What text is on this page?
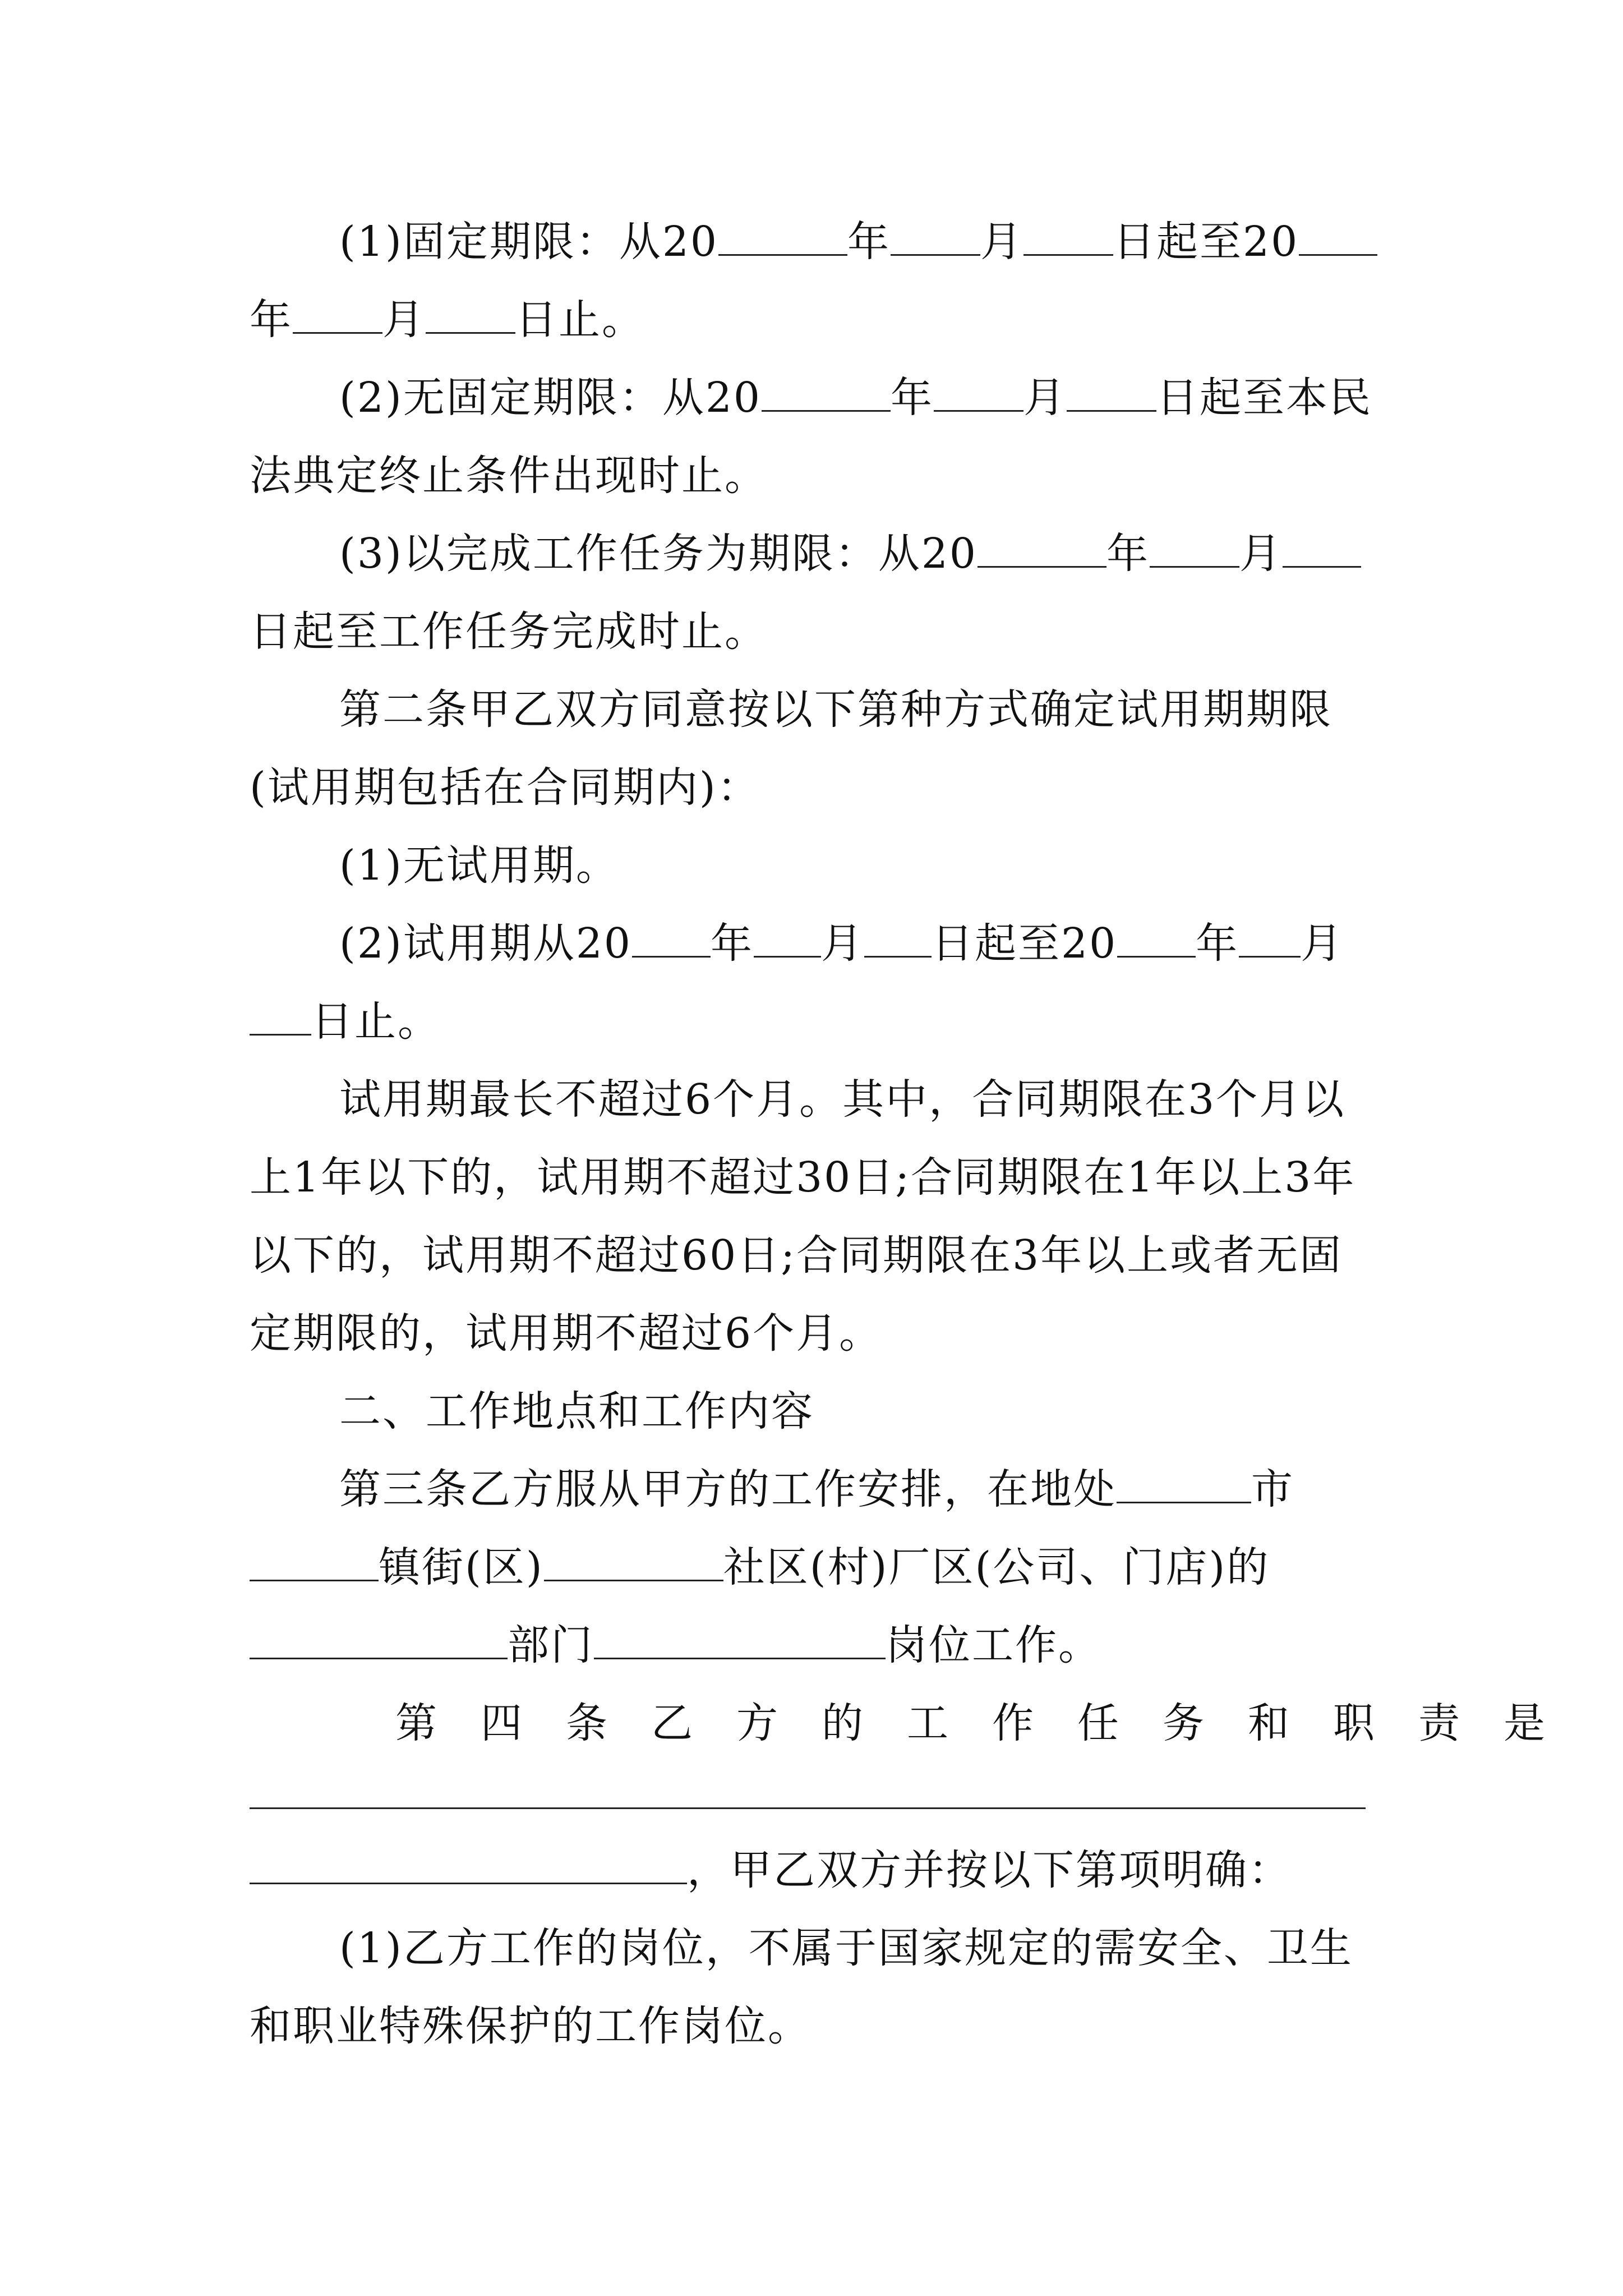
(1)固定期限：从20	年 月 日起至20
年 月 日止。

(2)无固定期限：从20	年 月 日起至本民
法典定终止条件出现时止。

(3)以完成工作任务为期限：从20	年 月
日起至工作任务完成时止。

第二条甲乙双方同意按以下第种方式确定试用期期限(试用期包括在合同期内)：

(1)无试用期。

(2)试用期从20 年 月 日起至20 年 月
日止。

试用期最长不超过6个月。其中，合同期限在3个月以上1年以下的，试用期不超过30日;合同期限在1年以上3年以下的，试用期不超过60日;合同期限在3年以上或者无固定期限的，试用期不超过6个月。

二、工作地点和工作内容

第三条乙方服从甲方的工作安排，在地处	市
镇街(区)	社区(村)厂区(公司、门店)的
部门	岗位工作。

第四条乙方的工作任务和职责是
，甲乙双方并按以下第项明确：

(1)乙方工作的岗位，不属于国家规定的需安全、卫生和职业特殊保护的工作岗位。
